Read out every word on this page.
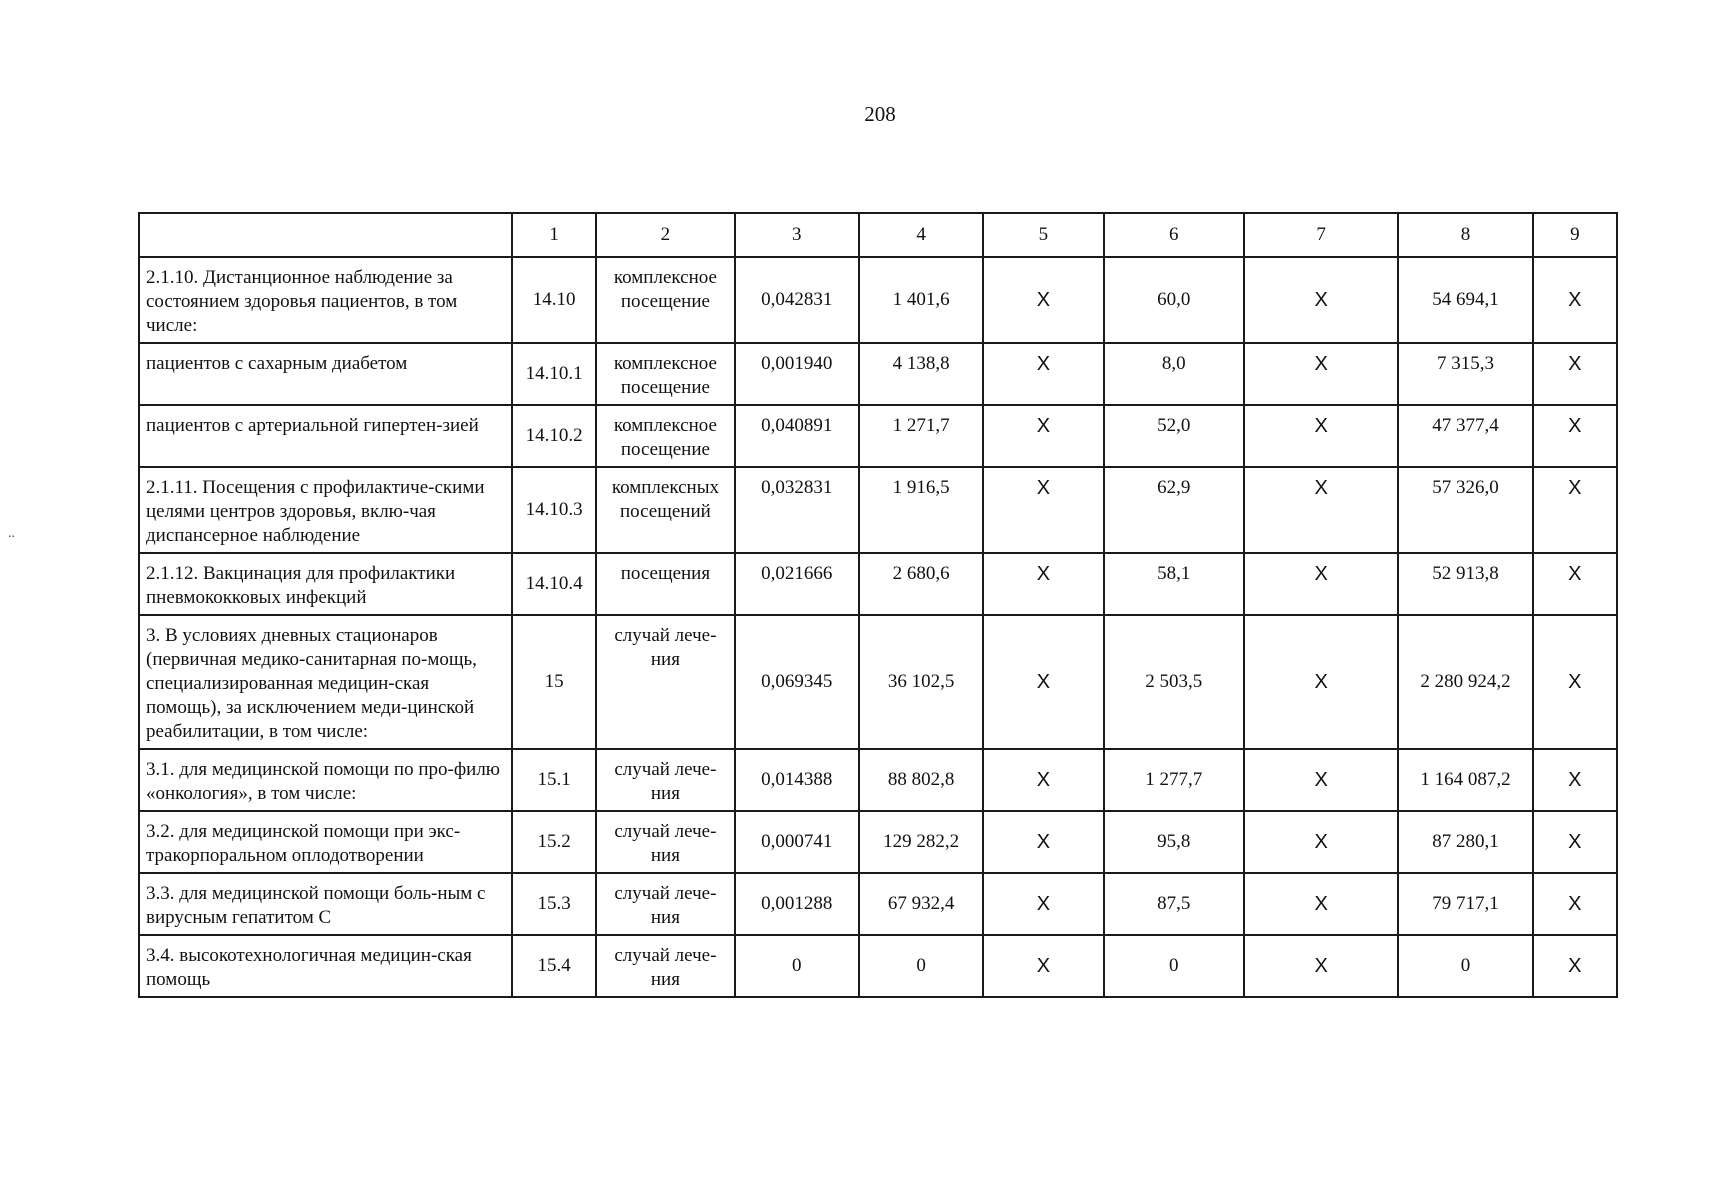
208
..
	1	2	3	4	5	6	7	8	9
2.1.10. Дистанционное наблюдение за состоянием здоровья пациентов, в том числе:	14.10	комплексное посещение	0,042831	1 401,6	Х	60,0	Х	54 694,1	Х
пациентов с сахарным диабетом	14.10.1	комплексное посещение	0,001940	4 138,8	Х	8,0	Х	7 315,3	Х
пациентов с артериальной гипертен-зией	14.10.2	комплексное посещение	0,040891	1 271,7	Х	52,0	Х	47 377,4	Х
2.1.11. Посещения с профилактиче-скими целями центров здоровья, вклю-чая диспансерное наблюдение	14.10.3	комплексных посещений	0,032831	1 916,5	Х	62,9	Х	57 326,0	Х
2.1.12. Вакцинация для профилактики пневмококковых инфекций	14.10.4	посещения	0,021666	2 680,6	Х	58,1	Х	52 913,8	Х
3. В условиях дневных стационаров (первичная медико-санитарная по-мощь, специализированная медицин-ская помощь), за исключением меди-цинской реабилитации, в том числе:	15	случай лече-ния	0,069345	36 102,5	Х	2 503,5	Х	2 280 924,2	Х
3.1. для медицинской помощи по про-филю «онкология», в том числе:	15.1	случай лече-ния	0,014388	88 802,8	Х	1 277,7	Х	1 164 087,2	Х
3.2. для медицинской помощи при экс-тракорпоральном оплодотворении	15.2	случай лече-ния	0,000741	129 282,2	Х	95,8	Х	87 280,1	Х
3.3. для медицинской помощи боль-ным с вирусным гепатитом С	15.3	случай лече-ния	0,001288	67 932,4	Х	87,5	Х	79 717,1	Х
3.4. высокотехнологичная медицин-ская помощь	15.4	случай лече-ния	0	0	Х	0	Х	0	Х
